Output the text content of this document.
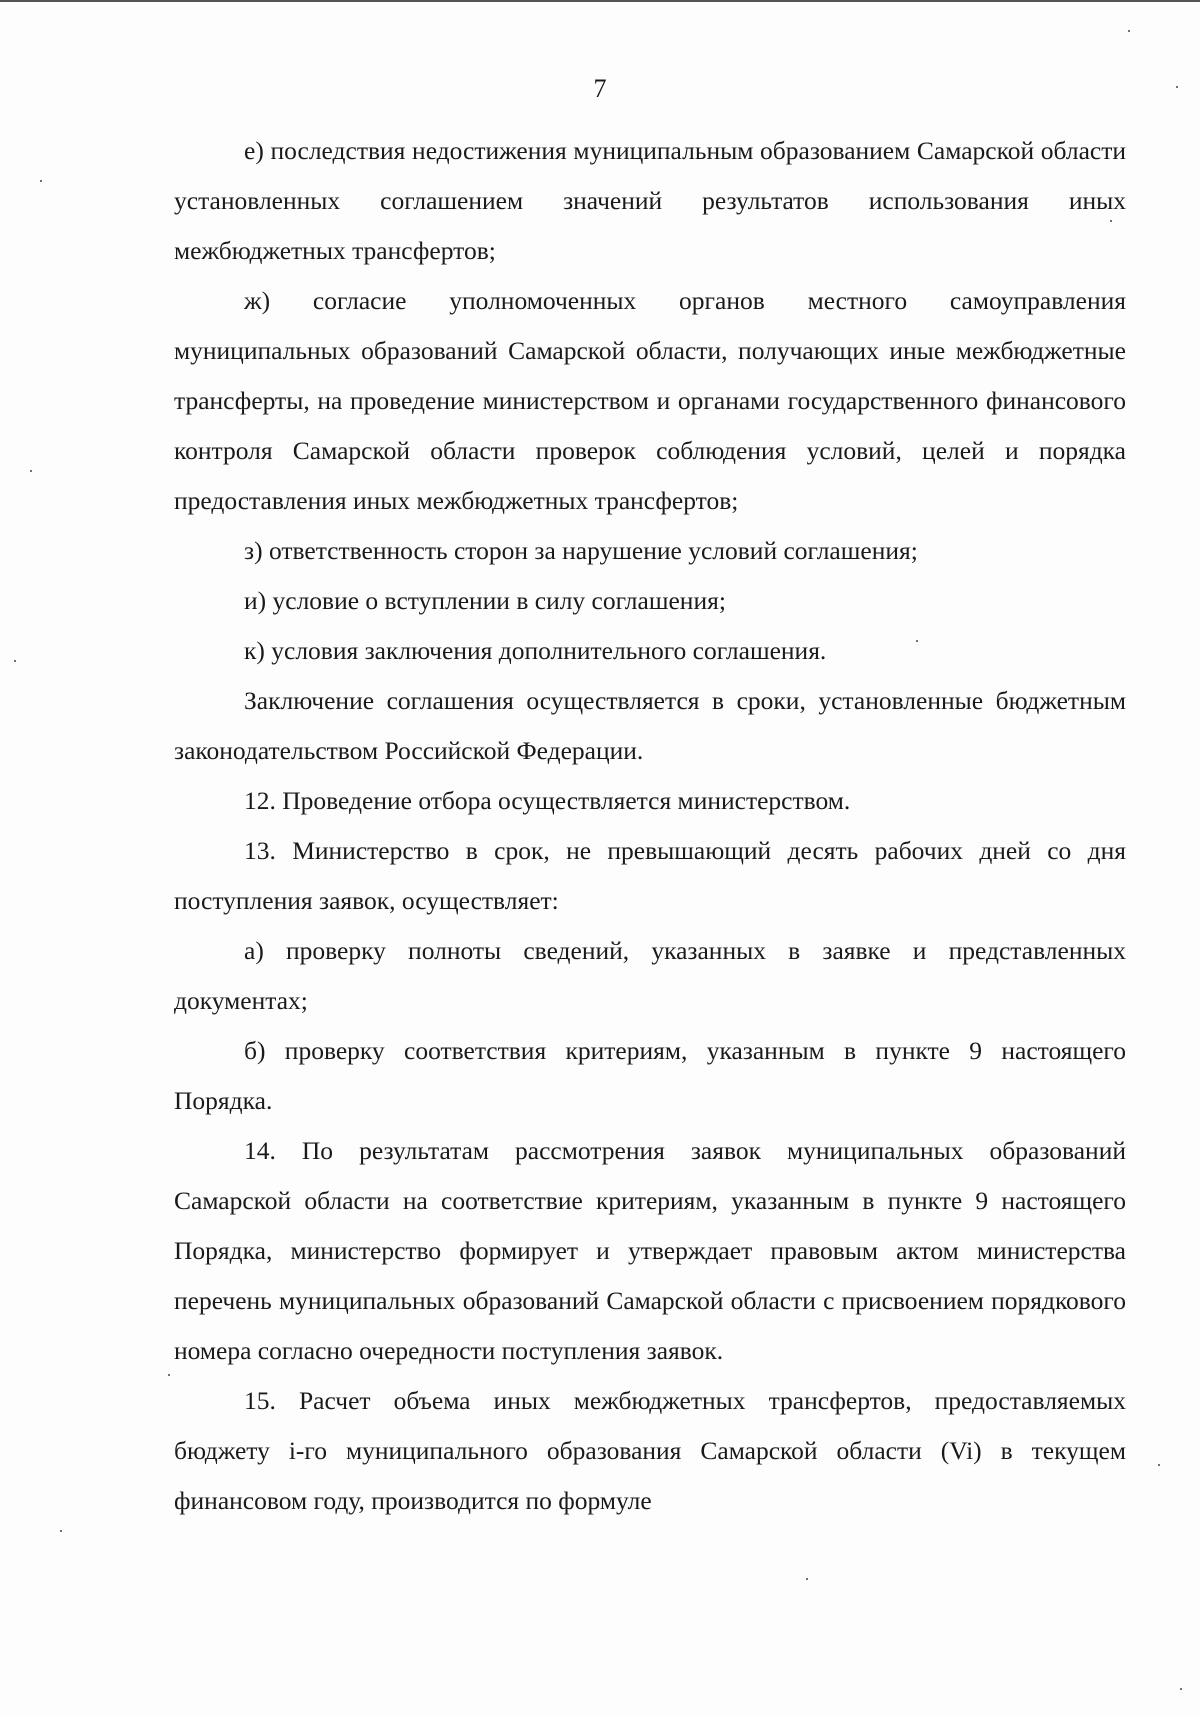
7

е) последствия недостижения муниципальным образованием Самарской области установленных соглашением значений результатов использования иных межбюджетных трансфертов;

ж) согласие уполномоченных органов местного самоуправления муниципальных образований Самарской области, получающих иные межбюджетные трансферты, на проведение министерством и органами государственного финансового контроля Самарской области проверок соблюдения условий, целей и порядка предоставления иных межбюджетных трансфертов;

з) ответственность сторон за нарушение условий соглашения;

и) условие о вступлении в силу соглашения;

к) условия заключения дополнительного соглашения.

Заключение соглашения осуществляется в сроки, установленные бюджетным законодательством Российской Федерации.

12. Проведение отбора осуществляется министерством.

13. Министерство в срок, не превышающий десять рабочих дней со дня поступления заявок, осуществляет:

а) проверку полноты сведений, указанных в заявке и представленных документах;

б) проверку соответствия критериям, указанным в пункте 9 настоящего Порядка.

14. По результатам рассмотрения заявок муниципальных образований Самарской области на соответствие критериям, указанным в пункте 9 настоящего Порядка, министерство формирует и утверждает правовым актом министерства перечень муниципальных образований Самарской области с присвоением порядкового номера согласно очередности поступления заявок.

15. Расчет объема иных межбюджетных трансфертов, предоставляемых бюджету i-го муниципального образования Самарской области (Vi) в текущем финансовом году, производится по формуле
